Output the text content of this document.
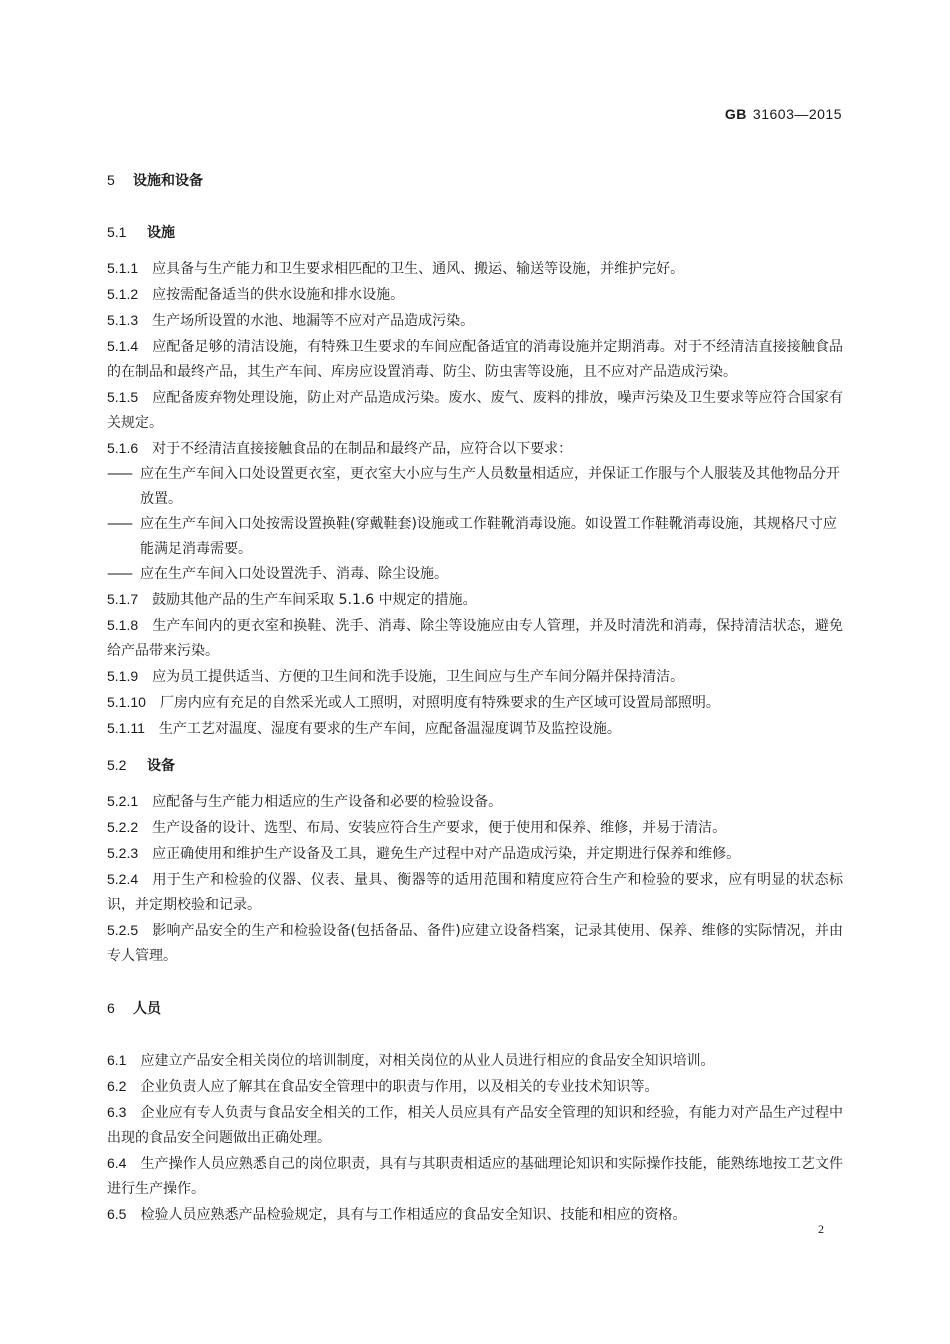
GB 31603—2015
5 设施和设备
5.1 设施
5.1.1 应具备与生产能力和卫生要求相匹配的卫生、通风、搬运、输送等设施，并维护完好。
5.1.2 应按需配备适当的供水设施和排水设施。
5.1.3 生产场所设置的水池、地漏等不应对产品造成污染。
5.1.4 应配备足够的清洁设施，有特殊卫生要求的车间应配备适宜的消毒设施并定期消毒。对于不经清洁直接接触食品的在制品和最终产品，其生产车间、库房应设置消毒、防尘、防虫害等设施，且不应对产品造成污染。
5.1.5 应配备废弃物处理设施，防止对产品造成污染。废水、废气、废料的排放，噪声污染及卫生要求等应符合国家有关规定。
5.1.6 对于不经清洁直接接触食品的在制品和最终产品，应符合以下要求：
—— 应在生产车间入口处设置更衣室，更衣室大小应与生产人员数量相适应，并保证工作服与个人服装及其他物品分开放置。
—— 应在生产车间入口处按需设置换鞋(穿戴鞋套)设施或工作鞋靴消毒设施。如设置工作鞋靴消毒设施，其规格尺寸应能满足消毒需要。
—— 应在生产车间入口处设置洗手、消毒、除尘设施。
5.1.7 鼓励其他产品的生产车间采取 5.1.6 中规定的措施。
5.1.8 生产车间内的更衣室和换鞋、洗手、消毒、除尘等设施应由专人管理，并及时清洗和消毒，保持清洁状态，避免给产品带来污染。
5.1.9 应为员工提供适当、方便的卫生间和洗手设施，卫生间应与生产车间分隔并保持清洁。
5.1.10 厂房内应有充足的自然采光或人工照明，对照明度有特殊要求的生产区域可设置局部照明。
5.1.11 生产工艺对温度、湿度有要求的生产车间，应配备温湿度调节及监控设施。
5.2 设备
5.2.1 应配备与生产能力相适应的生产设备和必要的检验设备。
5.2.2 生产设备的设计、选型、布局、安装应符合生产要求，便于使用和保养、维修，并易于清洁。
5.2.3 应正确使用和维护生产设备及工具，避免生产过程中对产品造成污染，并定期进行保养和维修。
5.2.4 用于生产和检验的仪器、仪表、量具、衡器等的适用范围和精度应符合生产和检验的要求，应有明显的状态标识，并定期校验和记录。
5.2.5 影响产品安全的生产和检验设备(包括备品、备件)应建立设备档案，记录其使用、保养、维修的实际情况，并由专人管理。
6 人员
6.1 应建立产品安全相关岗位的培训制度，对相关岗位的从业人员进行相应的食品安全知识培训。
6.2 企业负责人应了解其在食品安全管理中的职责与作用，以及相关的专业技术知识等。
6.3 企业应有专人负责与食品安全相关的工作，相关人员应具有产品安全管理的知识和经验，有能力对产品生产过程中出现的食品安全问题做出正确处理。
6.4 生产操作人员应熟悉自己的岗位职责，具有与其职责相适应的基础理论知识和实际操作技能，能熟练地按工艺文件进行生产操作。
6.5 检验人员应熟悉产品检验规定，具有与工作相适应的食品安全知识、技能和相应的资格。
2
